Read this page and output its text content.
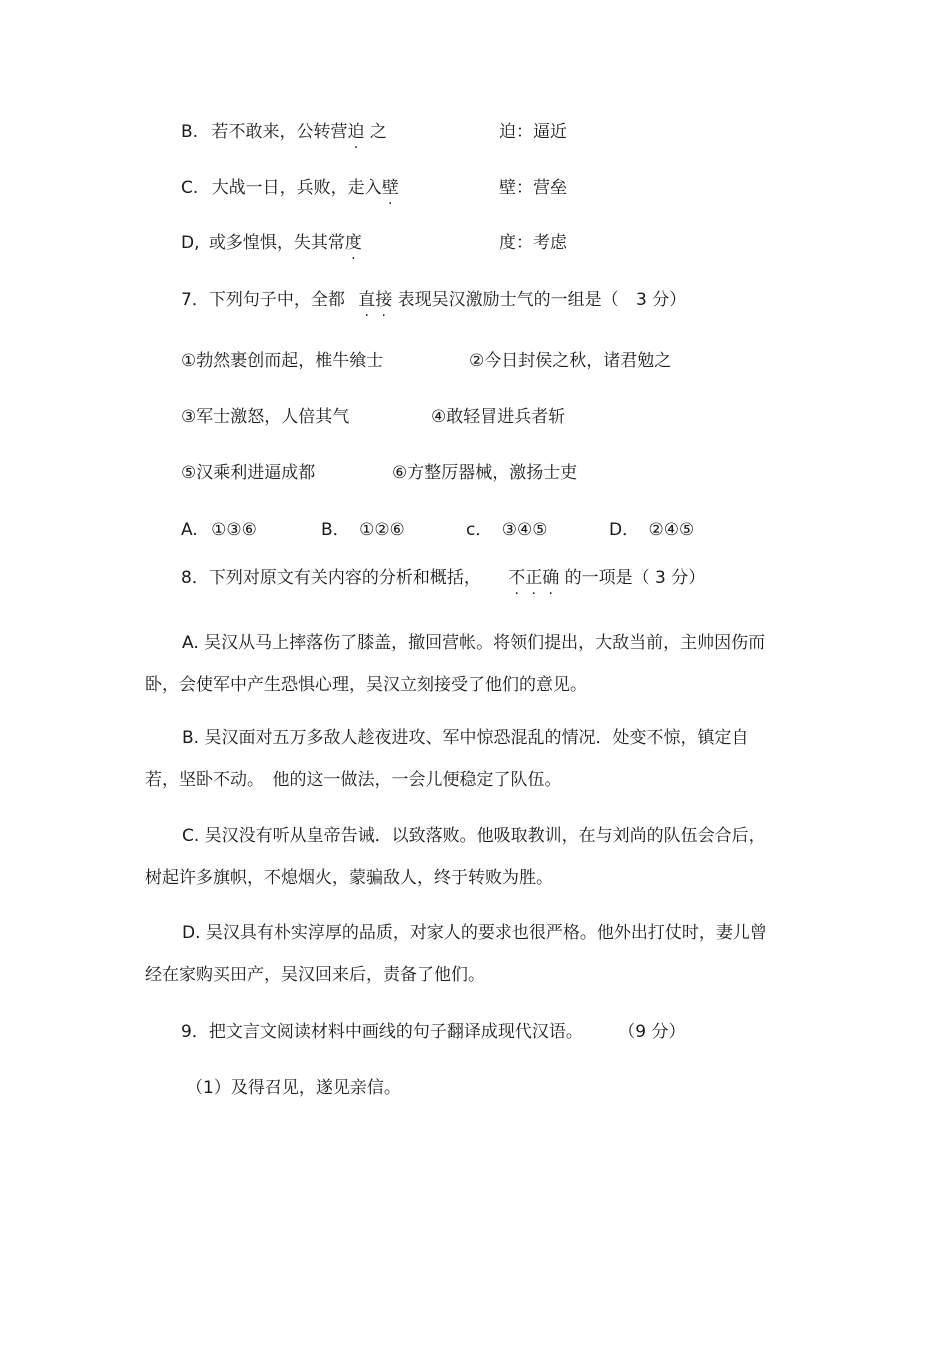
B. 若不敢来，公转营迫 之	迫：逼近
C. 大战一日，兵败，走入壁	壁：营垒
D, 或多惶惧，失其常度	度：考虑
7．下列句子中，全都 直接 表现吴汉激励士气的一组是（ 3 分）
①勃然裹创而起，椎牛飨士	②今日封侯之秋，诸君勉之
③军士激怒，人倍其气	④敢轻冒进兵者斩
⑤汉乘利进逼成都	⑥方整厉器械，激扬士吏
A. ①③⑥	B． ①②⑥	c． ③④⑤	D． ②④⑤
8．下列对原文有关内容的分析和概括， 不正确 的一项是（ 3 分）
A. 吴汉从马上摔落伤了膝盖，撤回营帐。将领们提出，大敌当前，主帅因伤而卧，会使军中产生恐惧心理，吴汉立刻接受了他们的意见。
B. 吴汉面对五万多敌人趁夜进攻、军中惊恐混乱的情况．处变不惊，镇定自若，坚卧不动。　他的这一做法，一会儿便稳定了队伍。
C. 吴汉没有听从皇帝告诫．以致落败。他吸取教训，在与刘尚的队伍会合后，树起许多旗帜，不熄烟火，蒙骗敌人，终于转败为胜。
D. 吴汉具有朴实淳厚的品质，对家人的要求也很严格。他外出打仗时，妻儿曾经在家购买田产，吴汉回来后，责备了他们。
9．把文言文阅读材料中画线的句子翻译成现代汉语。 （9 分）
（1）及得召见，遂见亲信。
